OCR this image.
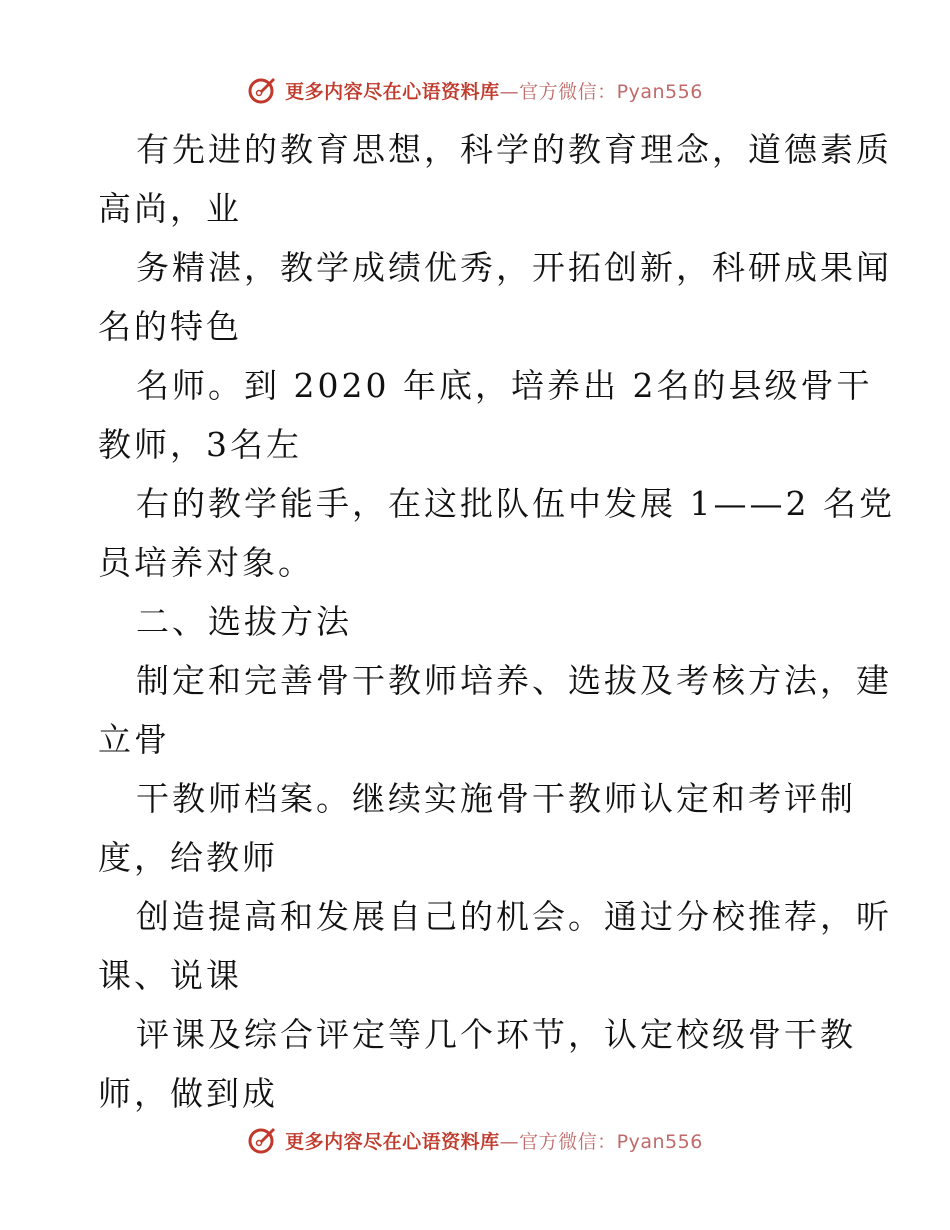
更多内容尽在心语资料库 —官方微信：Pyan556

有先进的教育思想，科学的教育理念，道德素质
高尚，业

务精湛，教学成绩优秀，开拓创新，科研成果闻
名的特色

名师。到 2020 年底，培养出 2名的县级骨干
教师，3名左

右的教学能手，在这批队伍中发展 1——2 名党
员培养对象。

二、选拔方法

制定和完善骨干教师培养、选拔及考核方法，建
立骨

干教师档案。继续实施骨干教师认定和考评制
度，给教师

创造提高和发展自己的机会。通过分校推荐，听
课、说课

评课及综合评定等几个环节，认定校级骨干教
师，做到成

更多内容尽在心语资料库 —官方微信：Pyan556
